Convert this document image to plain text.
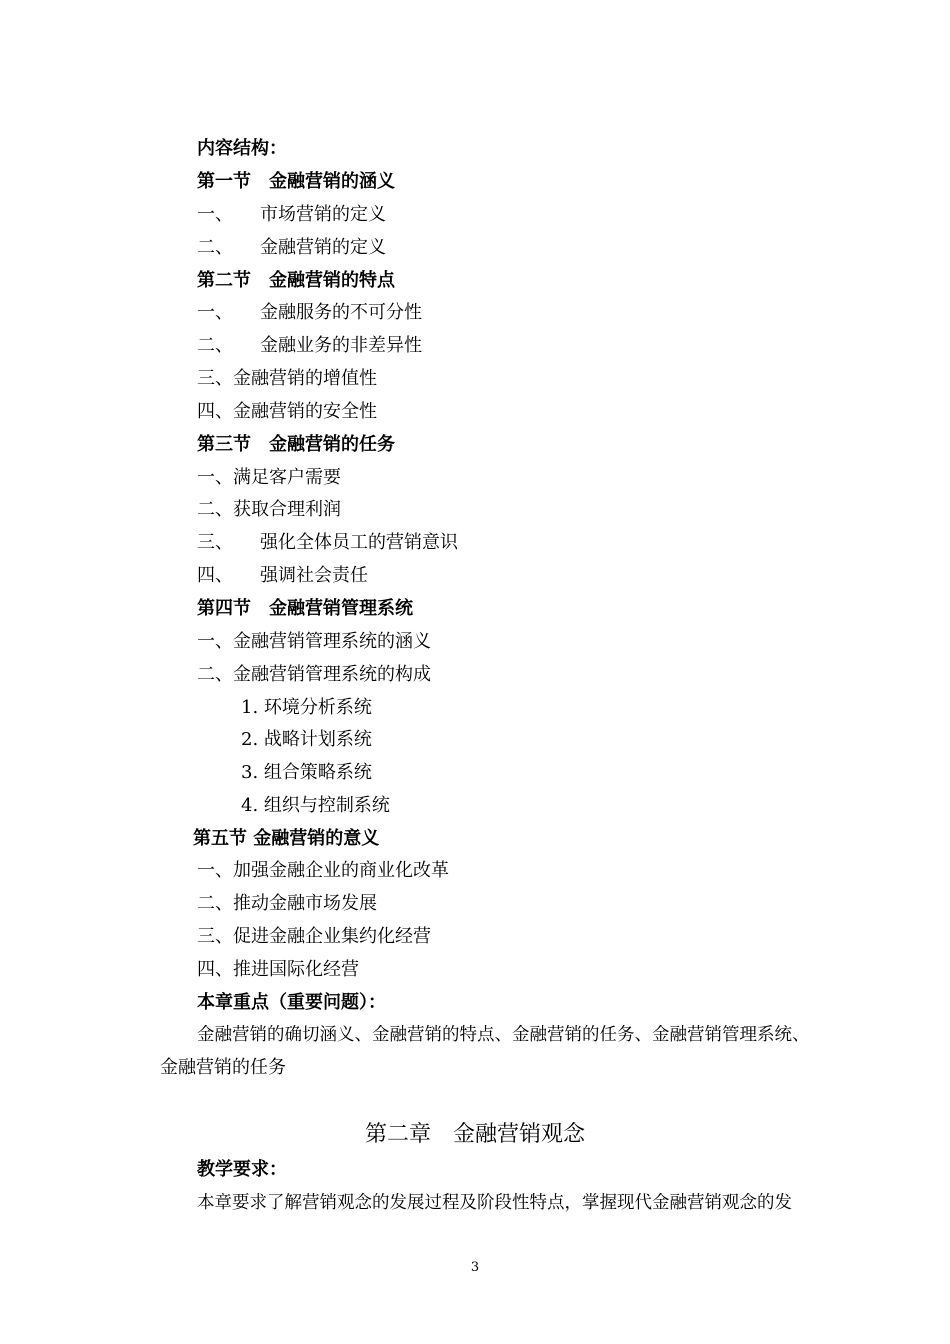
内容结构：
第一节　金融营销的涵义
一、　　市场营销的定义
二、　　金融营销的定义
第二节　金融营销的特点
一、　　金融服务的不可分性
二、　　金融业务的非差异性
三、金融营销的增值性
四、金融营销的安全性
第三节　金融营销的任务
一、满足客户需要
二、获取合理利润
三、　　强化全体员工的营销意识
四、　　强调社会责任
第四节　金融营销管理系统
一、金融营销管理系统的涵义
二、金融营销管理系统的构成
1. 环境分析系统
2. 战略计划系统
3. 组合策略系统
4. 组织与控制系统
第五节 金融营销的意义
一、加强金融企业的商业化改革
二、推动金融市场发展
三、促进金融企业集约化经营
四、推进国际化经营
本章重点（重要问题）：
金融营销的确切涵义、金融营销的特点、金融营销的任务、金融营销管理系统、
金融营销的任务
第二章　金融营销观念
教学要求：
本章要求了解营销观念的发展过程及阶段性特点，掌握现代金融营销观念的发
3
